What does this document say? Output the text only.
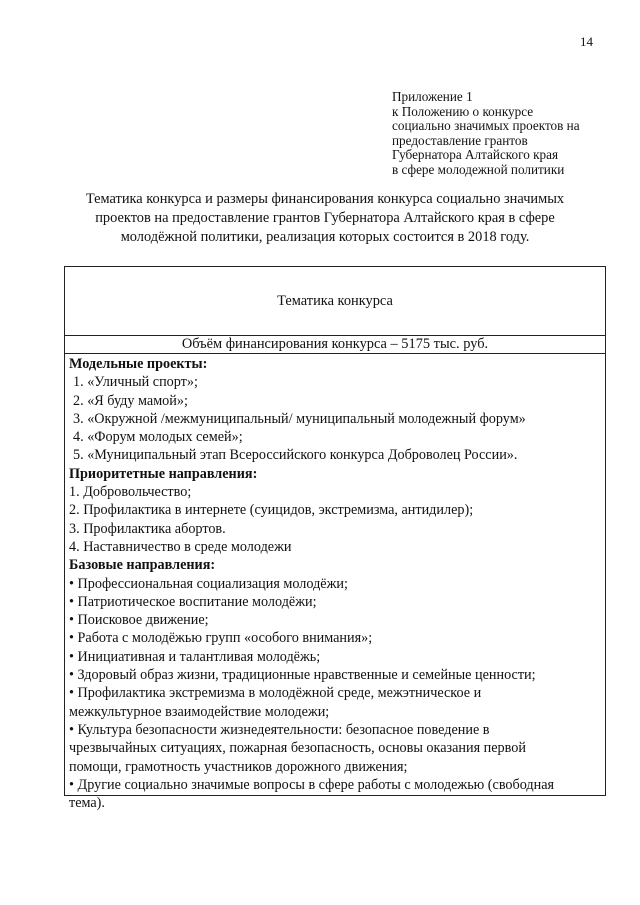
14
Приложение 1
к Положению о конкурсе
социально значимых проектов на
предоставление грантов
Губернатора Алтайского края
в сфере молодежной политики
Тематика конкурса и размеры финансирования конкурса социально значимых
проектов на предоставление грантов Губернатора Алтайского края в сфере
молодёжной политики, реализация которых состоится в 2018 году.
Тематика конкурса
Объём финансирования конкурса – 5175 тыс. руб.
Модельные проекты:
1. «Уличный спорт»;
2. «Я буду мамой»;
3. «Окружной /межмуниципальный/ муниципальный молодежный форум»
4. «Форум молодых семей»;
5. «Муниципальный этап Всероссийского конкурса Доброволец России».
Приоритетные направления:
1. Добровольчество;
2. Профилактика в интернете (суицидов, экстремизма, антидилер);
3. Профилактика абортов.
4. Наставничество в среде молодежи
Базовые направления:
• Профессиональная социализация молодёжи;
• Патриотическое воспитание молодёжи;
• Поисковое движение;
• Работа с молодёжью групп «особого внимания»;
• Инициативная и талантливая молодёжь;
• Здоровый образ жизни, традиционные нравственные и семейные ценности;
• Профилактика экстремизма в молодёжной среде, межэтническое и
межкультурное взаимодействие молодежи;
• Культура безопасности жизнедеятельности: безопасное поведение в
чрезвычайных ситуациях, пожарная безопасность, основы оказания первой
помощи, грамотность участников дорожного движения;
• Другие социально значимые вопросы в сфере работы с молодежью (свободная
тема).
